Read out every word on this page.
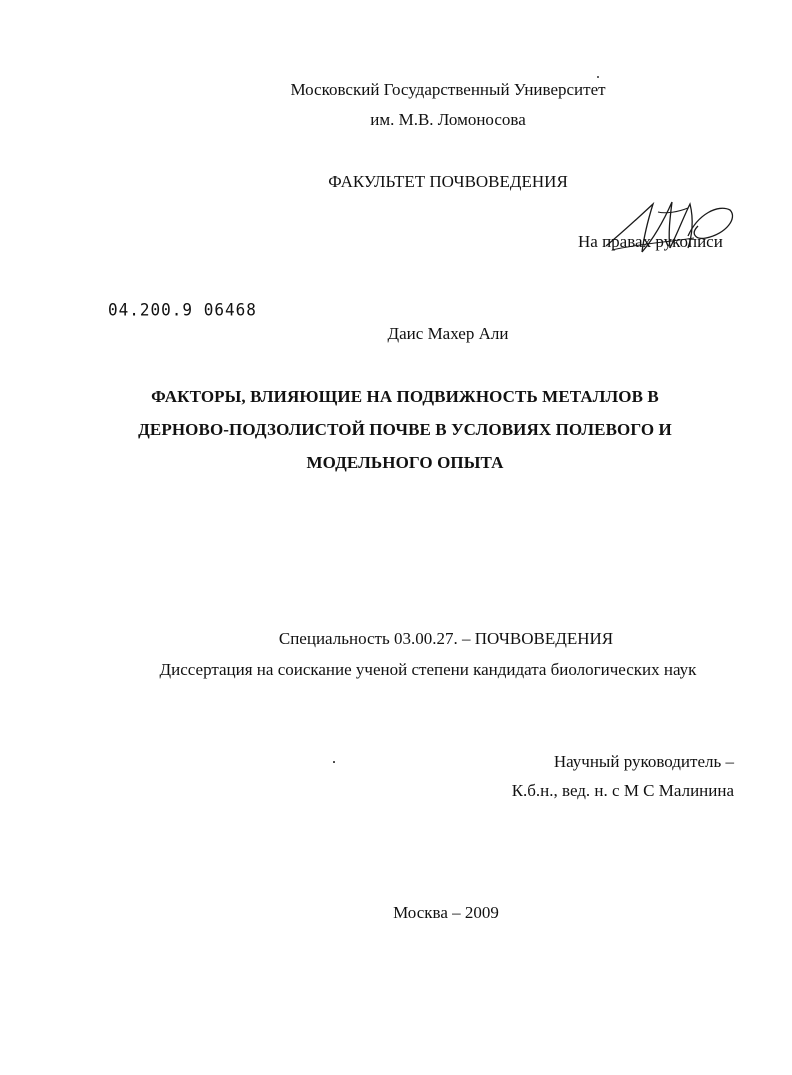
Московский Государственный Университет
им. М.В. Ломоносова
ФАКУЛЬТЕТ ПОЧВОВЕДЕНИЯ
На правах рукописи
04.200.9 06468
Даис Махер Али
ФАКТОРЫ, ВЛИЯЮЩИЕ НА ПОДВИЖНОСТЬ МЕТАЛЛОВ В
ДЕРНОВО-ПОДЗОЛИСТОЙ ПОЧВЕ В УСЛОВИЯХ ПОЛЕВОГО И
МОДЕЛЬНОГО ОПЫТА
Специальность 03.00.27. – ПОЧВОВЕДЕНИЯ
Диссертация на соискание ученой степени кандидата биологических наук
Научный руководитель –
К.б.н., вед. н. с М С Малинина
Москва – 2009
